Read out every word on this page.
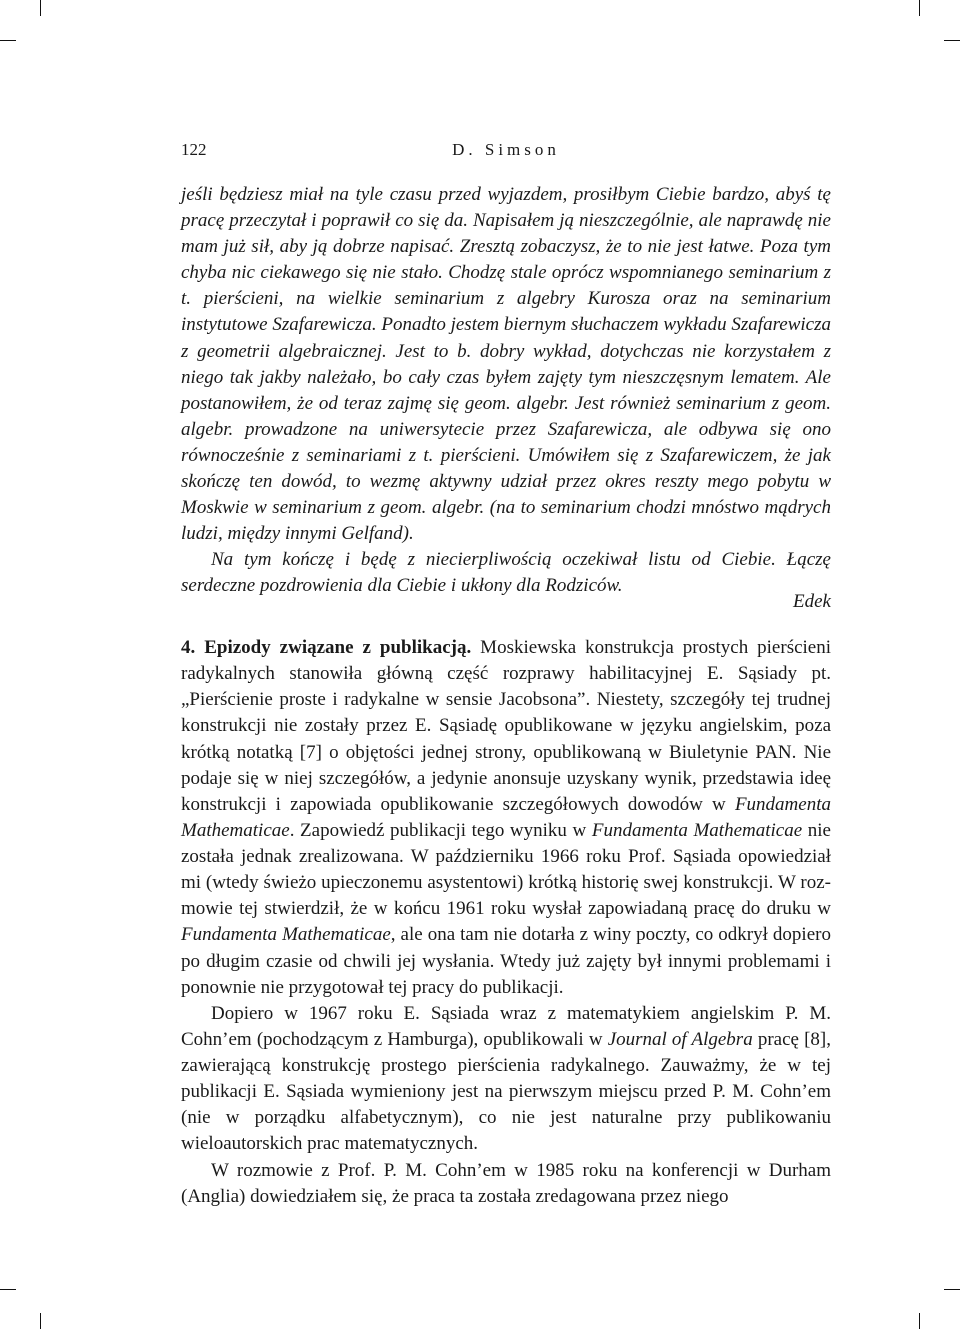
122	D. Simson

jeśli będziesz miał na tyle czasu przed wyjazdem, prosiłbym Ciebie bardzo, abyś tę pracę przeczytał i poprawił co się da. Napisałem ją nieszczególnie, ale naprawdę nie mam już sił, aby ją dobrze napisać. Zresztą zobaczysz, że to nie jest łatwe. Poza tym chyba nic ciekawego się nie stało. Chodzę stale oprócz wspomnianego seminarium z t. pierścieni, na wielkie seminarium z algebry Kurosza oraz na seminarium instytutowe Szafarewicza. Ponadto jestem biernym słuchaczem wykładu Szafarewicza z geometrii algebraicznej. Jest to b. dobry wykład, dotychczas nie korzystałem z niego tak jakby należało, bo cały czas byłem zajęty tym nieszczęsnym lematem. Ale postanowiłem, że od teraz zajmę się geom. algebr. Jest również seminarium z geom. algebr. prowadzone na uniwersytecie przez Szafarewicza, ale odbywa się ono równocześnie z seminariami z t. pierścieni. Umówiłem się z Szafarewiczem, że jak skończę ten dowód, to wezmę aktywny udział przez okres reszty mego pobytu w Moskwie w seminarium z geom. algebr. (na to seminarium chodzi mnóstwo mądrych ludzi, między innymi Gelfand).

Na tym kończę i będę z niecierpliwością oczekiwał listu od Ciebie. Łączę serdeczne pozdrowienia dla Ciebie i ukłony dla Rodziców.

Edek

4. Epizody związane z publikacją. Moskiewska konstrukcja prostych pierścieni radykalnych stanowiła główną część rozprawy habilitacyjnej E. Sąsiady pt. „Pierścienie proste i radykalne w sensie Jacobsona”. Niestety, szczegóły tej trudnej konstrukcji nie zostały przez E. Sąsiadę opublikowane w języku angielskim, poza krótką notatką [7] o objętości jednej strony, opublikowaną w Biuletynie PAN. Nie podaje się w niej szczegółów, a jedynie anonsuje uzyskany wynik, przedstawia ideę konstrukcji i zapowiada opublikowanie szczegółowych dowodów w Fundamenta Mathematicae. Zapowiedź publikacji tego wyniku w Fundamenta Mathematicae nie została jednak zrealizowana. W październiku 1966 roku Prof. Sąsiada opowiedział mi (wtedy świeżo upieczonemu asystentowi) krótką historię swej konstrukcji. W rozmowie tej stwierdził, że w końcu 1961 roku wysłał zapowiadaną pracę do druku w Fundamenta Mathematicae, ale ona tam nie dotarła z winy poczty, co odkrył dopiero po długim czasie od chwili jej wysłania. Wtedy już zajęty był innymi problemami i ponownie nie przygotował tej pracy do publikacji.

Dopiero w 1967 roku E. Sąsiada wraz z matematykiem angielskim P. M. Cohn’em (pochodzącym z Hamburga), opublikowali w Journal of Algebra pracę [8], zawierającą konstrukcję prostego pierścienia radykalnego. Zauważmy, że w tej publikacji E. Sąsiada wymieniony jest na pierwszym miejscu przed P. M. Cohn’em (nie w porządku alfabetycznym), co nie jest naturalne przy publikowaniu wieloautorskich prac matematycznych.

W rozmowie z Prof. P. M. Cohn’em w 1985 roku na konferencji w Durham (Anglia) dowiedziałem się, że praca ta została zredagowana przez niego
